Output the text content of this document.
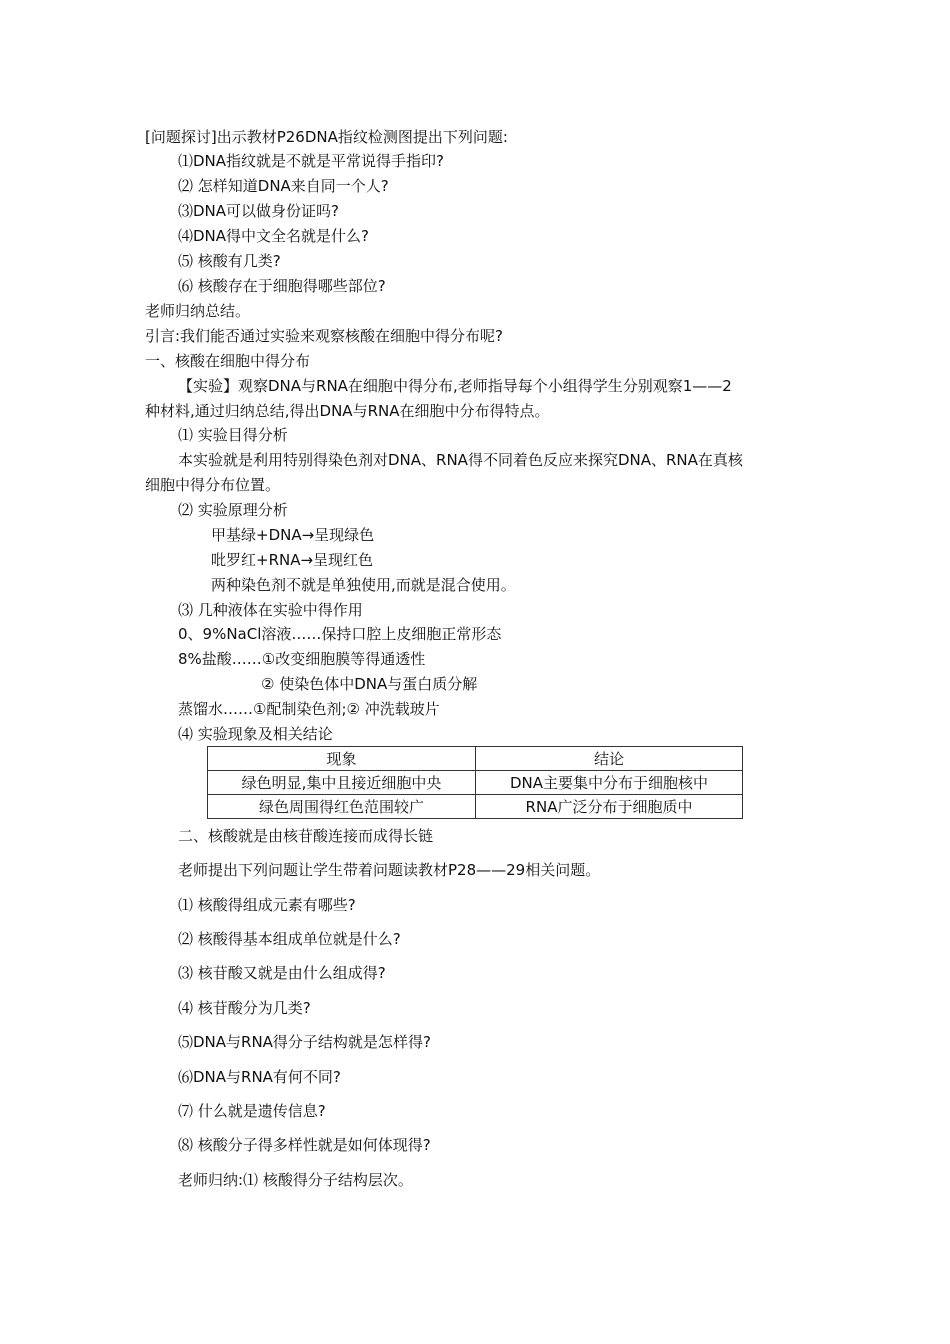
[问题探讨]出示教材P26DNA指纹检测图提出下列问题:
⑴DNA指纹就是不就是平常说得手指印?
⑵ 怎样知道DNA来自同一个人?
⑶DNA可以做身份证吗?
⑷DNA得中文全名就是什么?
⑸ 核酸有几类?
⑹ 核酸存在于细胞得哪些部位?
老师归纳总结。
引言:我们能否通过实验来观察核酸在细胞中得分布呢?
一、核酸在细胞中得分布
【实验】观察DNA与RNA在细胞中得分布,老师指导每个小组得学生分别观察1——2
种材料,通过归纳总结,得出DNA与RNA在细胞中分布得特点。
⑴ 实验目得分析
本实验就是利用特别得染色剂对DNA、RNA得不同着色反应来探究DNA、RNA在真核
细胞中得分布位置。
⑵ 实验原理分析
甲基绿+DNA→呈现绿色
吡罗红+RNA→呈现红色
两种染色剂不就是单独使用,而就是混合使用。
⑶ 几种液体在实验中得作用
0、9%NaCl溶液……保持口腔上皮细胞正常形态
8%盐酸……①改变细胞膜等得通透性
② 使染色体中DNA与蛋白质分解
蒸馏水……①配制染色剂;② 冲洗载玻片
⑷ 实验现象及相关结论
现象	结论
绿色明显,集中且接近细胞中央	DNA主要集中分布于细胞核中
绿色周围得红色范围较广	RNA广泛分布于细胞质中
二、核酸就是由核苷酸连接而成得长链
老师提出下列问题让学生带着问题读教材P28——29相关问题。
⑴ 核酸得组成元素有哪些?
⑵ 核酸得基本组成单位就是什么?
⑶ 核苷酸又就是由什么组成得?
⑷ 核苷酸分为几类?
⑸DNA与RNA得分子结构就是怎样得?
⑹DNA与RNA有何不同?
⑺ 什么就是遗传信息?
⑻ 核酸分子得多样性就是如何体现得?
老师归纳:⑴ 核酸得分子结构层次。
